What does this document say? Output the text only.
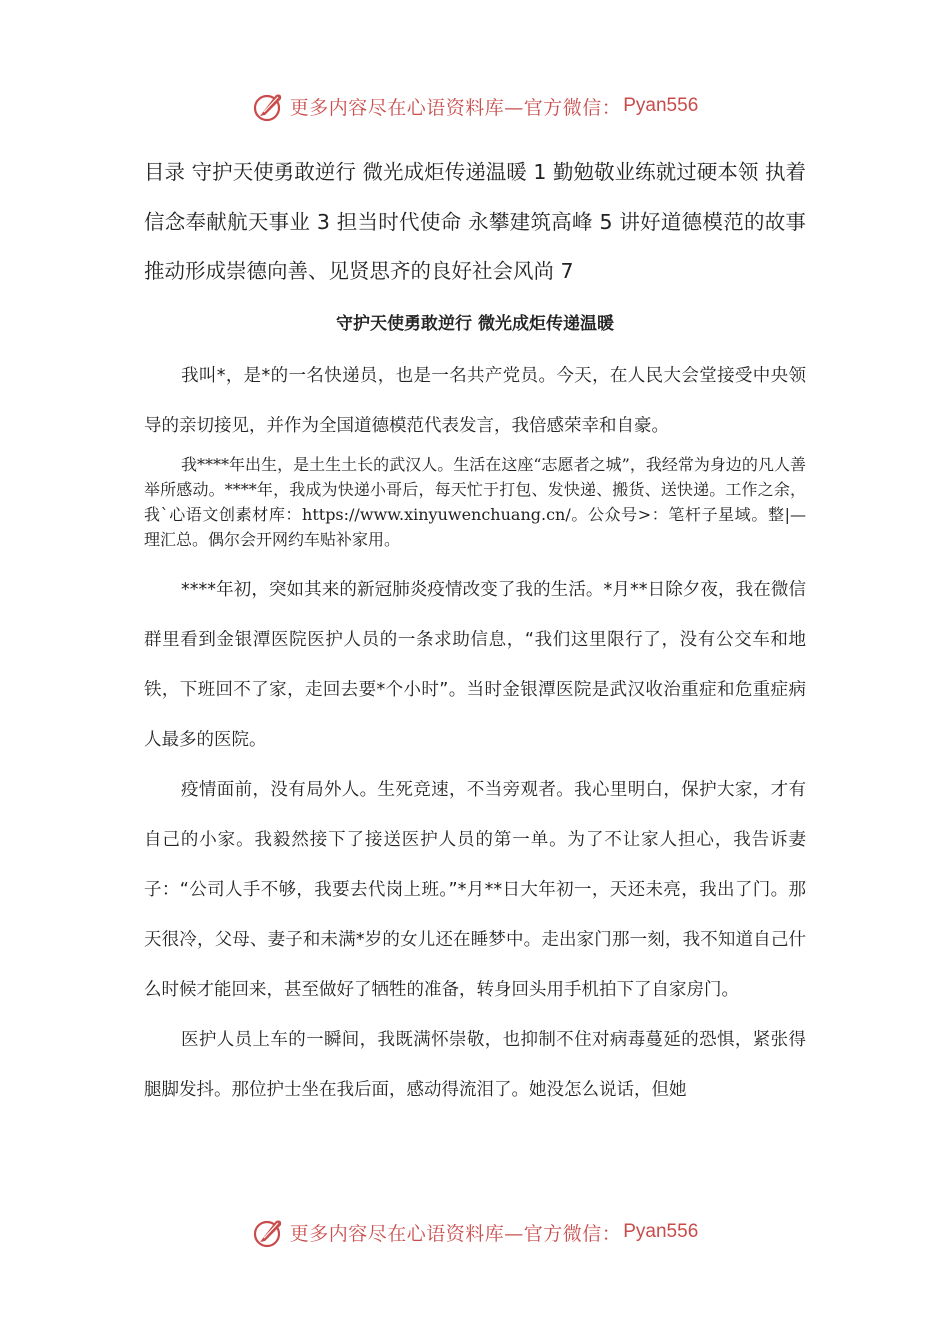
更多内容尽在心语资料库—官方微信： Pyan556

目录 守护天使勇敢逆行 微光成炬传递温暖 1 勤勉敬业练就过硬本领 执着信念奉献航天事业 3 担当时代使命 永攀建筑高峰 5 讲好道德模范的故事 推动形成崇德向善、见贤思齐的良好社会风尚 7

守护天使勇敢逆行 微光成炬传递温暖

我叫*，是*的一名快递员，也是一名共产党员。今天，在人民大会堂接受中央领导的亲切接见，并作为全国道德模范代表发言，我倍感荣幸和自豪。

我****年出生，是土生土长的武汉人。生活在这座“志愿者之城”，我经常为身边的凡人善举所感动。****年，我成为快递小哥后，每天忙于打包、发快递、搬货、送快递。工作之余，我`心语文创素材库：https://www.xinyuwenchuang.cn/。公众号>：笔杆子星域。整|—理汇总。偶尔会开网约车贴补家用。

****年初，突如其来的新冠肺炎疫情改变了我的生活。*月**日除夕夜，我在微信群里看到金银潭医院医护人员的一条求助信息，“我们这里限行了，没有公交车和地铁，下班回不了家，走回去要*个小时”。当时金银潭医院是武汉收治重症和危重症病人最多的医院。

疫情面前，没有局外人。生死竞速，不当旁观者。我心里明白，保护大家，才有自己的小家。我毅然接下了接送医护人员的第一单。为了不让家人担心，我告诉妻子：“公司人手不够，我要去代岗上班。”*月**日大年初一，天还未亮，我出了门。那天很冷，父母、妻子和未满*岁的女儿还在睡梦中。走出家门那一刻，我不知道自己什么时候才能回来，甚至做好了牺牲的准备，转身回头用手机拍下了自家房门。

医护人员上车的一瞬间，我既满怀崇敬，也抑制不住对病毒蔓延的恐惧，紧张得腿脚发抖。那位护士坐在我后面，感动得流泪了。她没怎么说话，但她

更多内容尽在心语资料库—官方微信： Pyan556
